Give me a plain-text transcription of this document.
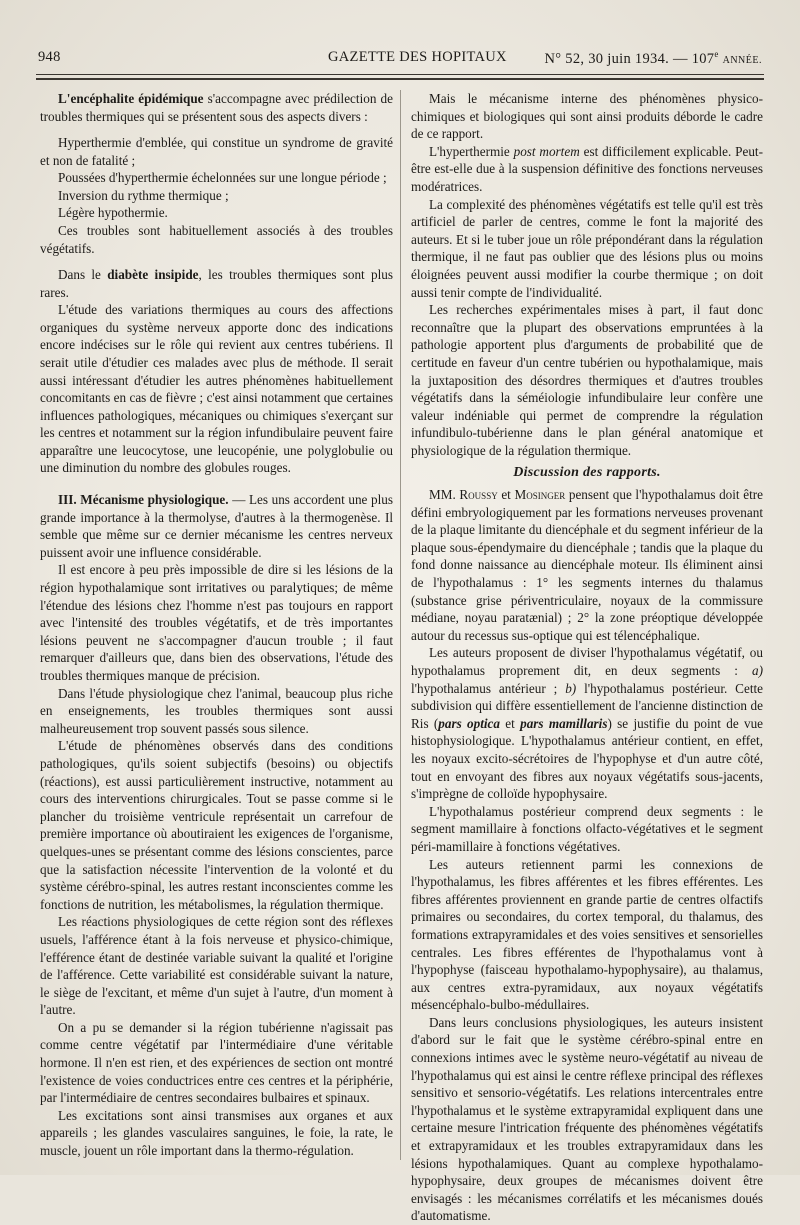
948	GAZETTE DES HOPITAUX	N° 52, 30 juin 1934. — 107e ANNÉE.

L'encéphalite épidémique s'accompagne avec prédilection de troubles thermiques qui se présentent sous des aspects divers :

Hyperthermie d'emblée, qui constitue un syndrome de gravité et non de fatalité ;

Poussées d'hyperthermie échelonnées sur une longue période ;

Inversion du rythme thermique ;

Légère hypothermie.

Ces troubles sont habituellement associés à des troubles végétatifs.

Dans le diabète insipide, les troubles thermiques sont plus rares.

L'étude des variations thermiques au cours des affections organiques du système nerveux apporte donc des indications encore indécises sur le rôle qui revient aux centres tubériens. Il serait utile d'étudier ces malades avec plus de méthode. Il serait aussi intéressant d'étudier les autres phénomènes habituellement concomitants en cas de fièvre ; c'est ainsi notamment que certaines influences pathologiques, mécaniques ou chimiques s'exerçant sur les centres et notamment sur la région infundibulaire peuvent faire apparaître une leucocytose, une leucopénie, une polyglobulie ou une diminution du nombre des globules rouges.

III. Mécanisme physiologique. — Les uns accordent une plus grande importance à la thermolyse, d'autres à la thermogenèse. Il semble que même sur ce dernier mécanisme les centres nerveux puissent avoir une influence considérable.

Il est encore à peu près impossible de dire si les lésions de la région hypothalamique sont irritatives ou paralytiques; de même l'étendue des lésions chez l'homme n'est pas toujours en rapport avec l'intensité des troubles végétatifs, et de très importantes lésions peuvent ne s'accompagner d'aucun trouble ; il faut remarquer d'ailleurs que, dans bien des observations, l'étude des troubles thermiques manque de précision.

Dans l'étude physiologique chez l'animal, beaucoup plus riche en enseignements, les troubles thermiques sont aussi malheureusement trop souvent passés sous silence.

L'étude de phénomènes observés dans des conditions pathologiques, qu'ils soient subjectifs (besoins) ou objectifs (réactions), est aussi particulièrement instructive, notamment au cours des interventions chirurgicales. Tout se passe comme si le plancher du troisième ventricule représentait un carrefour de première importance où aboutiraient les exigences de l'organisme, quelques-unes se présentant comme des lésions conscientes, parce que la satisfaction nécessite l'intervention de la volonté et du système cérébro-spinal, les autres restant inconscientes comme les fonctions de nutrition, les métabolismes, la régulation thermique.

Les réactions physiologiques de cette région sont des réflexes usuels, l'afférence étant à la fois nerveuse et physico-chimique, l'efférence étant de destinée variable suivant la qualité et l'origine de l'afférence. Cette variabilité est considérable suivant la nature, le siège de l'excitant, et même d'un sujet à l'autre, d'un moment à l'autre.

On a pu se demander si la région tubérienne n'agissait pas comme centre végétatif par l'intermédiaire d'une véritable hormone. Il n'en est rien, et des expériences de section ont montré l'existence de voies conductrices entre ces centres et la périphérie, par l'intermédiaire de centres secondaires bulbaires et spinaux.

Les excitations sont ainsi transmises aux organes et aux appareils ; les glandes vasculaires sanguines, le foie, la rate, le muscle, jouent un rôle important dans la thermo-régulation.

Mais le mécanisme interne des phénomènes physico-chimiques et biologiques qui sont ainsi produits déborde le cadre de ce rapport.

L'hyperthermie post mortem est difficilement explicable. Peut-être est-elle due à la suspension définitive des fonctions nerveuses modératrices.

La complexité des phénomènes végétatifs est telle qu'il est très artificiel de parler de centres, comme le font la majorité des auteurs. Et si le tuber joue un rôle prépondérant dans la régulation thermique, il ne faut pas oublier que des lésions plus ou moins éloignées peuvent aussi modifier la courbe thermique ; on doit aussi tenir compte de l'individualité.

Les recherches expérimentales mises à part, il faut donc reconnaître que la plupart des observations empruntées à la pathologie apportent plus d'arguments de probabilité que de certitude en faveur d'un centre tubérien ou hypothalamique, mais la juxtaposition des désordres thermiques et d'autres troubles végétatifs dans la séméiologie infundibulaire leur confère une valeur indéniable qui permet de comprendre la régulation infundibulo-tubérienne dans le plan général anatomique et physiologique de la régulation thermique.

Discussion des rapports.

MM. Roussy et Mosinger pensent que l'hypothalamus doit être défini embryologiquement par les formations nerveuses provenant de la plaque limitante du diencéphale et du segment inférieur de la plaque sous-épendymaire du diencéphale ; tandis que la plaque du fond donne naissance au diencéphale moteur. Ils éliminent ainsi de l'hypothalamus : 1° les segments internes du thalamus (substance grise périventriculaire, noyaux de la commissure médiane, noyau paratænial) ; 2° la zone préoptique développée autour du recessus sus-optique qui est télencéphalique.

Les auteurs proposent de diviser l'hypothalamus végétatif, ou hypothalamus proprement dit, en deux segments : a) l'hypothalamus antérieur ; b) l'hypothalamus postérieur. Cette subdivision qui diffère essentiellement de l'ancienne distinction de Ris (pars optica et pars mamillaris) se justifie du point de vue histophysiologique. L'hypothalamus antérieur contient, en effet, les noyaux excito-sécrétoires de l'hypophyse et d'un autre côté, tout en envoyant des fibres aux noyaux végétatifs sous-jacents, s'imprègne de colloïde hypophysaire.

L'hypothalamus postérieur comprend deux segments : le segment mamillaire à fonctions olfacto-végétatives et le segment péri-mamillaire à fonctions végétatives.

Les auteurs retiennent parmi les connexions de l'hypothalamus, les fibres afférentes et les fibres efférentes. Les fibres afférentes proviennent en grande partie de centres olfactifs primaires ou secondaires, du cortex temporal, du thalamus, des formations extrapyramidales et des voies sensitives et sensorielles centrales. Les fibres efférentes de l'hypothalamus vont à l'hypophyse (faisceau hypothalamo-hypophysaire), au thalamus, aux centres extra-pyramidaux, aux noyaux végétatifs mésencéphalo-bulbo-médullaires.

Dans leurs conclusions physiologiques, les auteurs insistent d'abord sur le fait que le système cérébro-spinal entre en connexions intimes avec le système neuro-végétatif au niveau de l'hypothalamus qui est ainsi le centre réflexe principal des réflexes sensitivo et sensorio-végétatifs. Les relations intercentrales entre l'hypothalamus et le système extrapyramidal expliquent dans une certaine mesure l'intrication fréquente des phénomènes végétatifs et extrapyramidaux et les troubles extrapyramidaux dans les lésions hypothalamiques. Quant au complexe hypothalamo-hypophysaire, deux groupes de mécanismes doivent être envisagés : les mécanismes corrélatifs et les mécanismes doués d'automatisme.
